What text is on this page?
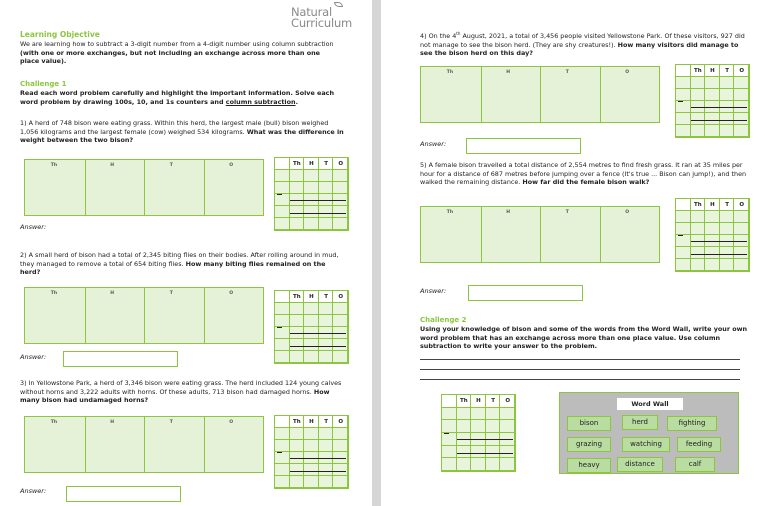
Natural
Curriculum
Learning Objective
We are learning how to subtract a 3-digit number from a 4-digit number using column subtraction (with one or more exchanges, but not including an exchange across more than one place value).
Challenge 1
Read each word problem carefully and highlight the important information. Solve each word problem by drawing 100s, 10, and 1s counters and column subtraction.
1) A herd of 748 bison were eating grass. Within this herd, the largest male (bull) bison weighed 1,056 kilograms and the largest female (cow) weighed 534 kilograms. What was the difference in weight between the two bison?
Th	H	T	O	Th	H	T	O
Answer:
2) A small herd of bison had a total of 2,345 biting flies on their bodies. After rolling around in mud, they managed to remove a total of 654 biting flies. How many biting flies remained on the herd?
Th	H	T	O
Th	H	T	O
Answer:
3) In Yellowstone Park, a herd of 3,346 bison were eating grass. The herd included 124 young calves without horns and 3,222 adults with horns. Of these adults, 713 bison had damaged horns. How many bison had undamaged horns?
Th	H	T	O	Th	H	T	O
Answer:
4) On the 4th August, 2021, a total of 3,456 people visited Yellowstone Park. Of these visitors, 927 did not manage to see the bison herd. (They are shy creatures!). How many visitors did manage to see the bison herd on this day?
Th	H	T	O	Th	H	T	O
Answer:
5) A female bison travelled a total distance of 2,554 metres to find fresh grass. It ran at 35 miles per hour for a distance of 687 metres before jumping over a fence (It's true ... Bison can jump!), and then walked the remaining distance. How far did the female bison walk?
Th	H	T	O
Th	H	T	O
Answer:
Challenge 2
Using your knowledge of bison and some of the words from the Word Wall, write your own word problem that has an exchange across more than one place value. Use column subtraction to write your answer to the problem.
Th	H	T	O	Word Wall
bison	herd	fighting
grazing	watching	feeding
heavy	distance	calf
